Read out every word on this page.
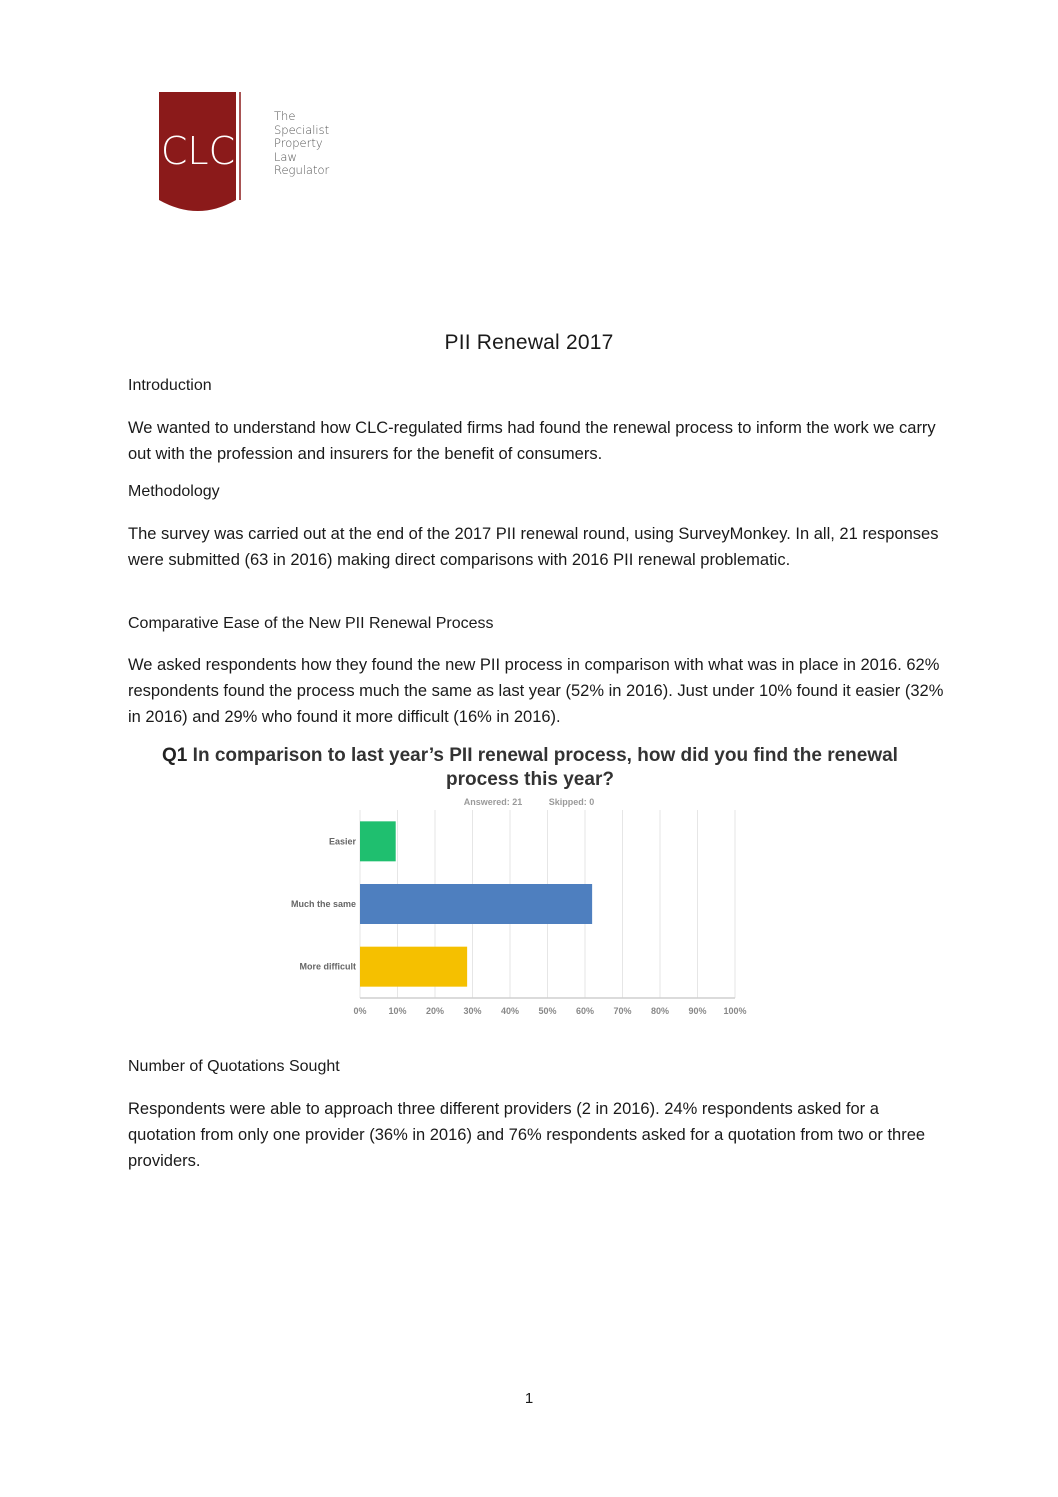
CLC
The
Specialist
Property
Law
Regulator
PII Renewal 2017
Introduction
We wanted to understand how CLC-regulated firms had found the renewal process to inform the work we carry out with the profession and insurers for the benefit of consumers.
Methodology
The survey was carried out at the end of the 2017 PII renewal round, using SurveyMonkey. In all, 21 responses were submitted (63 in 2016) making direct comparisons with 2016 PII renewal problematic.
Comparative Ease of the New PII Renewal Process
We asked respondents how they found the new PII process in comparison with what was in place in 2016. 62% respondents found the process much the same as last year (52% in 2016). Just under 10% found it easier (32% in 2016) and 29% who found it more difficult (16% in 2016).
Q1 In comparison to last year’s PII renewal process, how did you find the renewal process this year?
Answered: 21	Skipped: 0
0% 10% 20% 30% 40% 50% 60% 70% 80% 90% 100%
Easier
Much the same
More difficult
Number of Quotations Sought
Respondents were able to approach three different providers (2 in 2016). 24% respondents asked for a quotation from only one provider (36% in 2016) and 76% respondents asked for a quotation from two or three providers.
1
